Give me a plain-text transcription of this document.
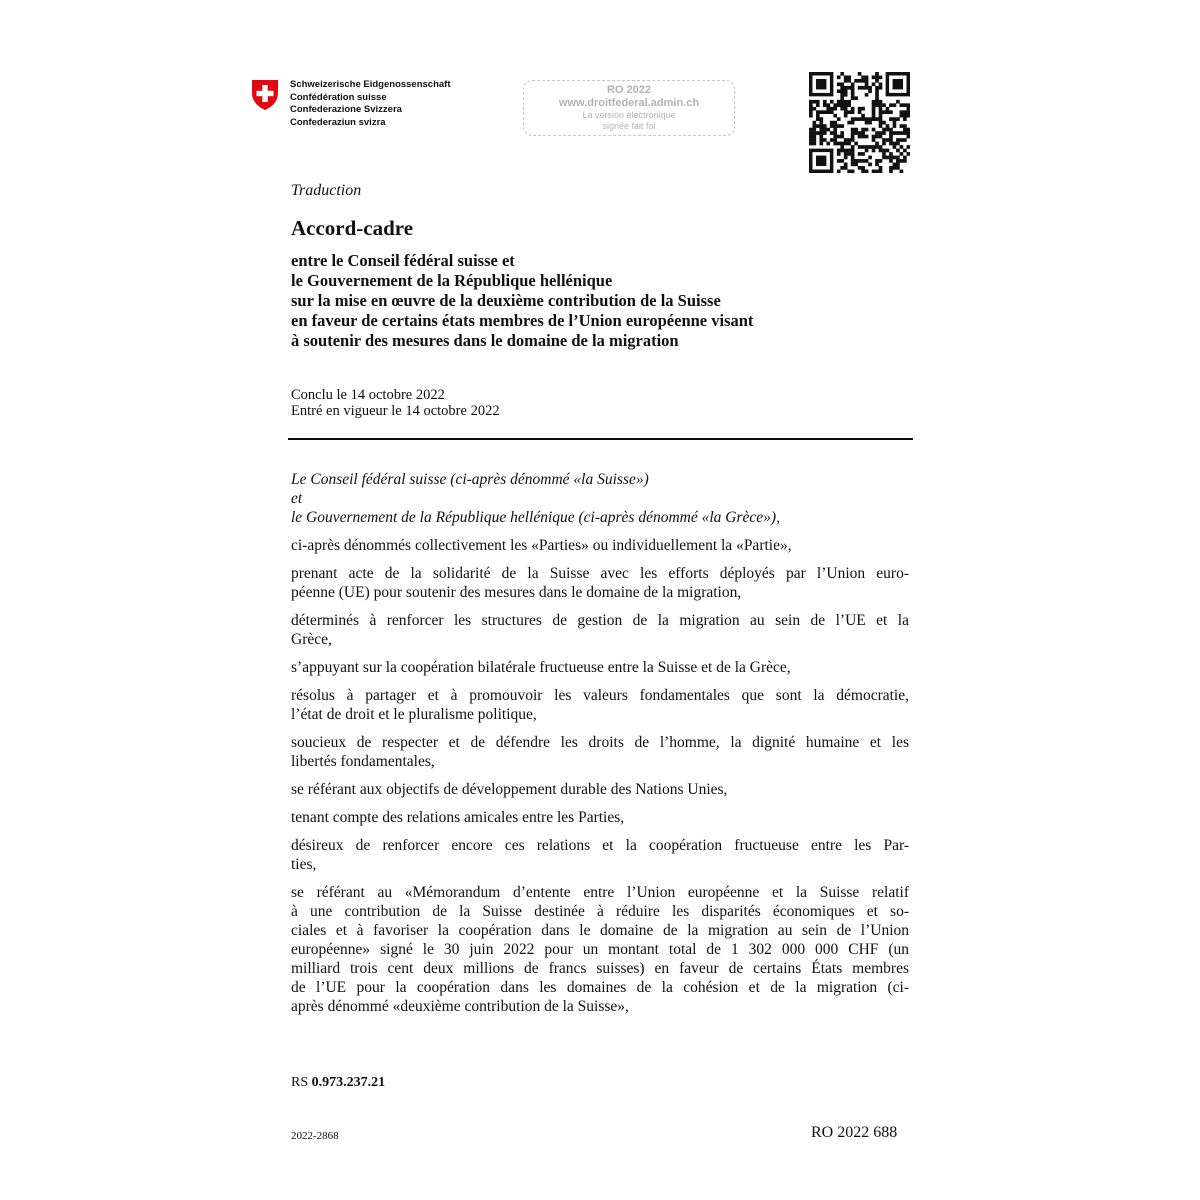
Schweizerische Eidgenossenschaft
Confédération suisse
Confederazione Svizzera
Confederaziun svizra
RO 2022
www.droitfederal.admin.ch
La version électronique
signée fait foi
Traduction
Accord-cadre
entre le Conseil fédéral suisse et
le Gouvernement de la République hellénique
sur la mise en œuvre de la deuxième contribution de la Suisse
en faveur de certains états membres de l’Union européenne visant
à soutenir des mesures dans le domaine de la migration
Conclu le 14 octobre 2022
Entré en vigueur le 14 octobre 2022
Le Conseil fédéral suisse (ci-après dénommé «la Suisse»)
et
le Gouvernement de la République hellénique (ci-après dénommé «la Grèce»),
ci-après dénommés collectivement les «Parties» ou individuellement la «Partie»,
prenant acte de la solidarité de la Suisse avec les efforts déployés par l’Union euro-
péenne (UE) pour soutenir des mesures dans le domaine de la migration,
déterminés à renforcer les structures de gestion de la migration au sein de l’UE et la
Grèce,
s’appuyant sur la coopération bilatérale fructueuse entre la Suisse et de la Grèce,
résolus à partager et à promouvoir les valeurs fondamentales que sont la démocratie,
l’état de droit et le pluralisme politique,
soucieux de respecter et de défendre les droits de l’homme, la dignité humaine et les
libertés fondamentales,
se référant aux objectifs de développement durable des Nations Unies,
tenant compte des relations amicales entre les Parties,
désireux de renforcer encore ces relations et la coopération fructueuse entre les Par-
ties,
se référant au «Mémorandum d’entente entre l’Union européenne et la Suisse relatif
à une contribution de la Suisse destinée à réduire les disparités économiques et so-
ciales et à favoriser la coopération dans le domaine de la migration au sein de l’Union
européenne» signé le 30 juin 2022 pour un montant total de 1 302 000 000 CHF (un
milliard trois cent deux millions de francs suisses) en faveur de certains États membres
de l’UE pour la coopération dans les domaines de la cohésion et de la migration (ci-
après dénommé «deuxième contribution de la Suisse»,
RS 0.973.237.21
2022-2868	RO 2022 688
